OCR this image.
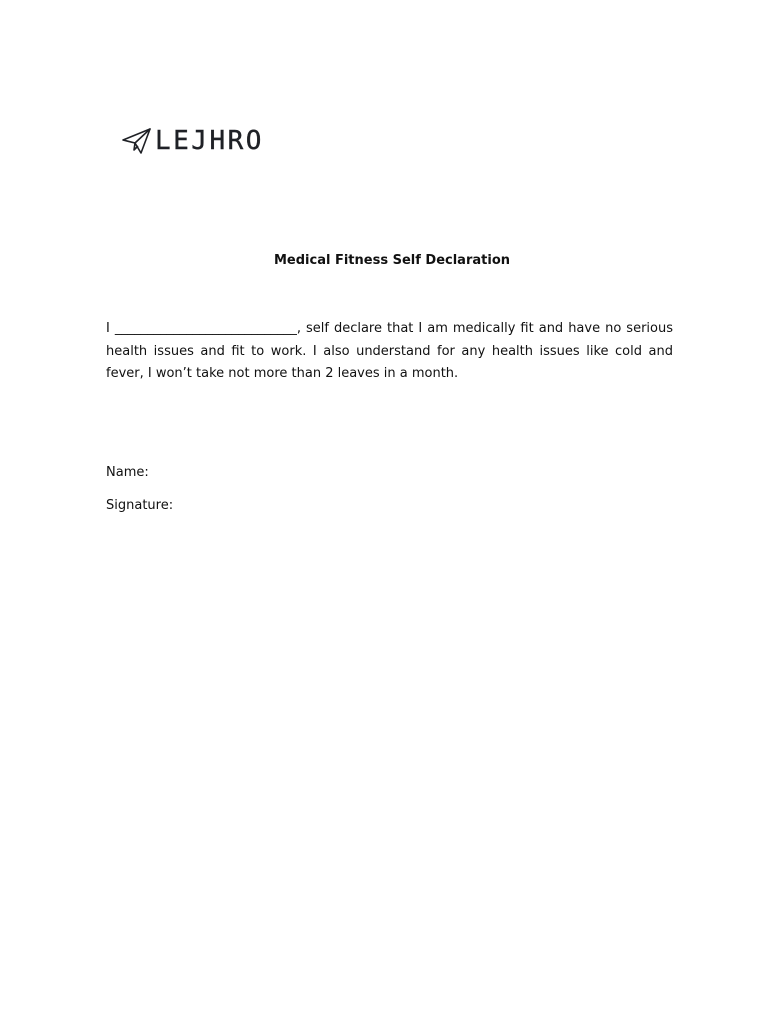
LEJHRO
Medical Fitness Self Declaration

I ____________________________, self declare that I am medically fit and have no serious health issues and fit to work. I also understand for any health issues like cold and fever, I won’t take not more than 2 leaves in a month.

Name:

Signature:
